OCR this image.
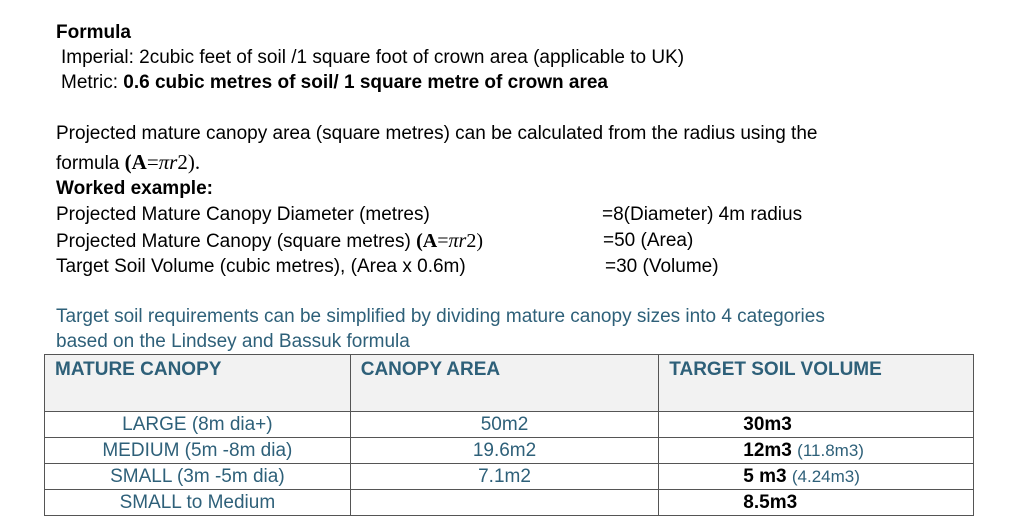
Formula
Imperial: 2cubic feet of soil /1 square foot of crown area (applicable to UK)
Metric: 0.6 cubic metres of soil/ 1 square metre of crown area
Projected mature canopy area (square metres) can be calculated from the radius using the
formula (A=πr2).
Worked example:
Projected Mature Canopy Diameter (metres)	=8(Diameter) 4m radius
Projected Mature Canopy (square metres) (A=πr2)	=50 (Area)
Target Soil Volume (cubic metres), (Area x 0.6m)	=30 (Volume)
Target soil requirements can be simplified by dividing mature canopy sizes into 4 categories
based on the Lindsey and Bassuk formula
MATURE CANOPY	CANOPY AREA	TARGET SOIL VOLUME
LARGE (8m dia+)	50m2	30m3
MEDIUM (5m -8m dia)	19.6m2	12m3 (11.8m3)
SMALL (3m -5m dia)	7.1m2	5 m3 (4.24m3)
SMALL to Medium		8.5m3
